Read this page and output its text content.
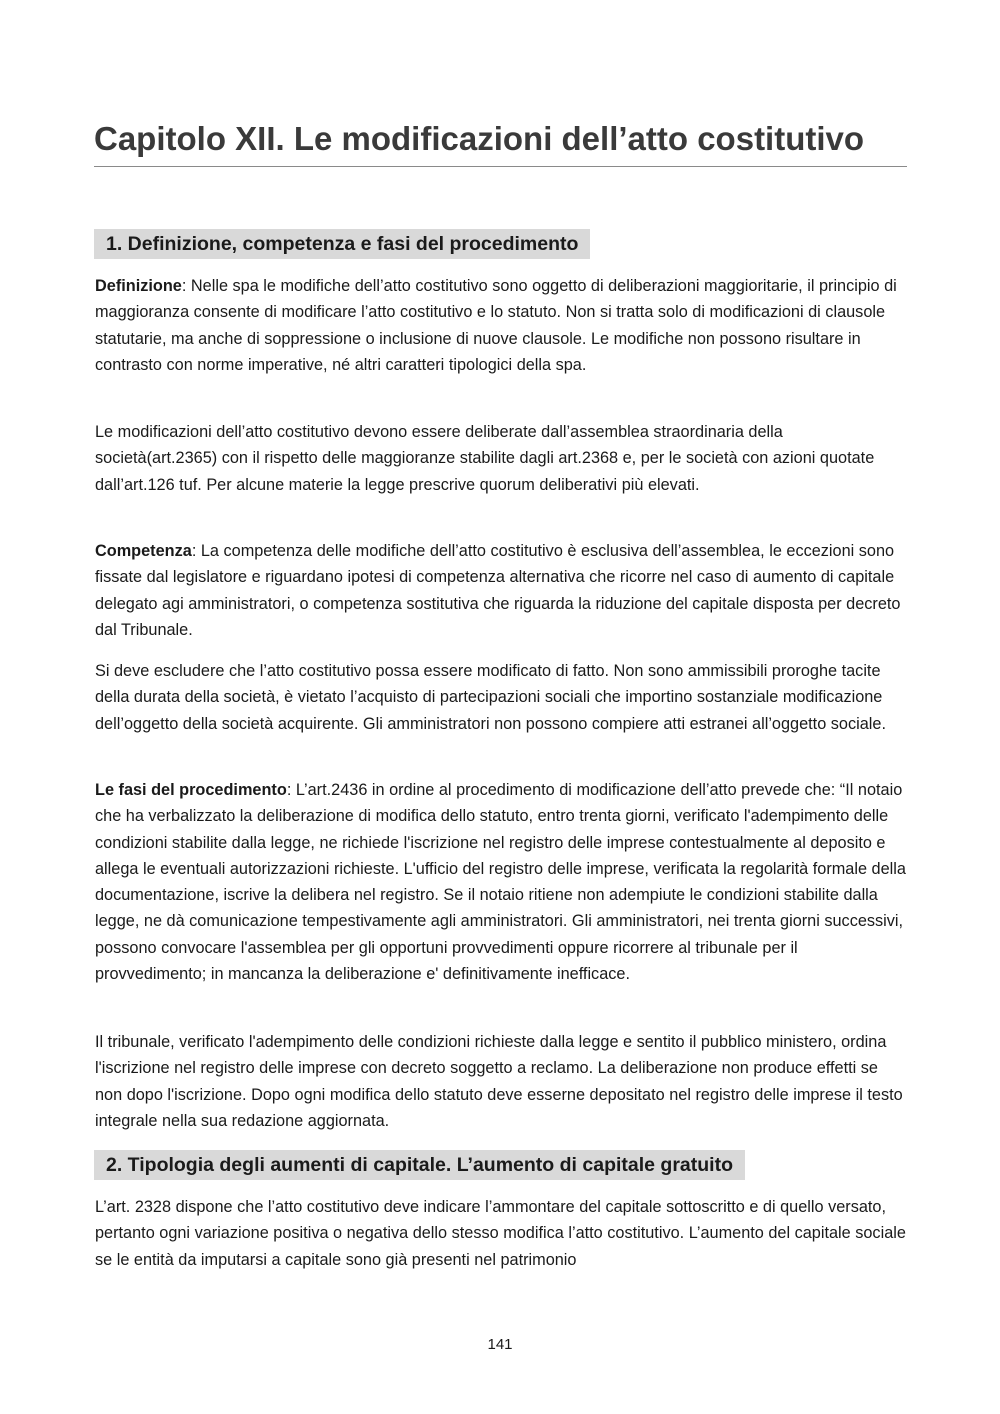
Capitolo XII. Le modificazioni dell’atto costitutivo
1. Definizione, competenza e fasi del procedimento

Definizione: Nelle spa le modifiche dell’atto costitutivo sono oggetto di deliberazioni maggioritarie, il principio di maggioranza consente di modificare l’atto costitutivo e lo statuto. Non si tratta solo di modificazioni di clausole statutarie, ma anche di soppressione o inclusione di nuove clausole. Le modifiche non possono risultare in contrasto con norme imperative, né altri caratteri tipologici della spa.

Le modificazioni dell’atto costitutivo devono essere deliberate dall’assemblea straordinaria della società(art.2365) con il rispetto delle maggioranze stabilite dagli art.2368 e, per le società con azioni quotate dall’art.126 tuf. Per alcune materie la legge prescrive quorum deliberativi più elevati.

Competenza: La competenza delle modifiche dell’atto costitutivo è esclusiva dell’assemblea, le eccezioni sono fissate dal legislatore e riguardano ipotesi di competenza alternativa che ricorre nel caso di aumento di capitale delegato agi amministratori, o competenza sostitutiva che riguarda la riduzione del capitale disposta per decreto dal Tribunale.

Si deve escludere che l’atto costitutivo possa essere modificato di fatto. Non sono ammissibili proroghe tacite della durata della società, è vietato l’acquisto di partecipazioni sociali che importino sostanziale modificazione dell’oggetto della società acquirente. Gli amministratori non possono compiere atti estranei all’oggetto sociale.

Le fasi del procedimento: L’art.2436 in ordine al procedimento di modificazione dell’atto prevede che: “Il notaio che ha verbalizzato la deliberazione di modifica dello statuto, entro trenta giorni, verificato l'adempimento delle condizioni stabilite dalla legge, ne richiede l'iscrizione nel registro delle imprese contestualmente al deposito e allega le eventuali autorizzazioni richieste. L'ufficio del registro delle imprese, verificata la regolarità formale della documentazione, iscrive la delibera nel registro. Se il notaio ritiene non adempiute le condizioni stabilite dalla legge, ne dà comunicazione tempestivamente agli amministratori. Gli amministratori, nei trenta giorni successivi, possono convocare l'assemblea per gli opportuni provvedimenti oppure ricorrere al tribunale per il provvedimento; in mancanza la deliberazione e' definitivamente inefficace.

Il tribunale, verificato l'adempimento delle condizioni richieste dalla legge e sentito il pubblico ministero, ordina l'iscrizione nel registro delle imprese con decreto soggetto a reclamo. La deliberazione non produce effetti se non dopo l'iscrizione. Dopo ogni modifica dello statuto deve esserne depositato nel registro delle imprese il testo integrale nella sua redazione aggiornata.

2. Tipologia degli aumenti di capitale. L’aumento di capitale gratuito

L’art. 2328 dispone che l’atto costitutivo deve indicare l’ammontare del capitale sottoscritto e di quello versato, pertanto ogni variazione positiva o negativa dello stesso modifica l’atto costitutivo. L’aumento del capitale sociale se le entità da imputarsi a capitale sono già presenti nel patrimonio

141
